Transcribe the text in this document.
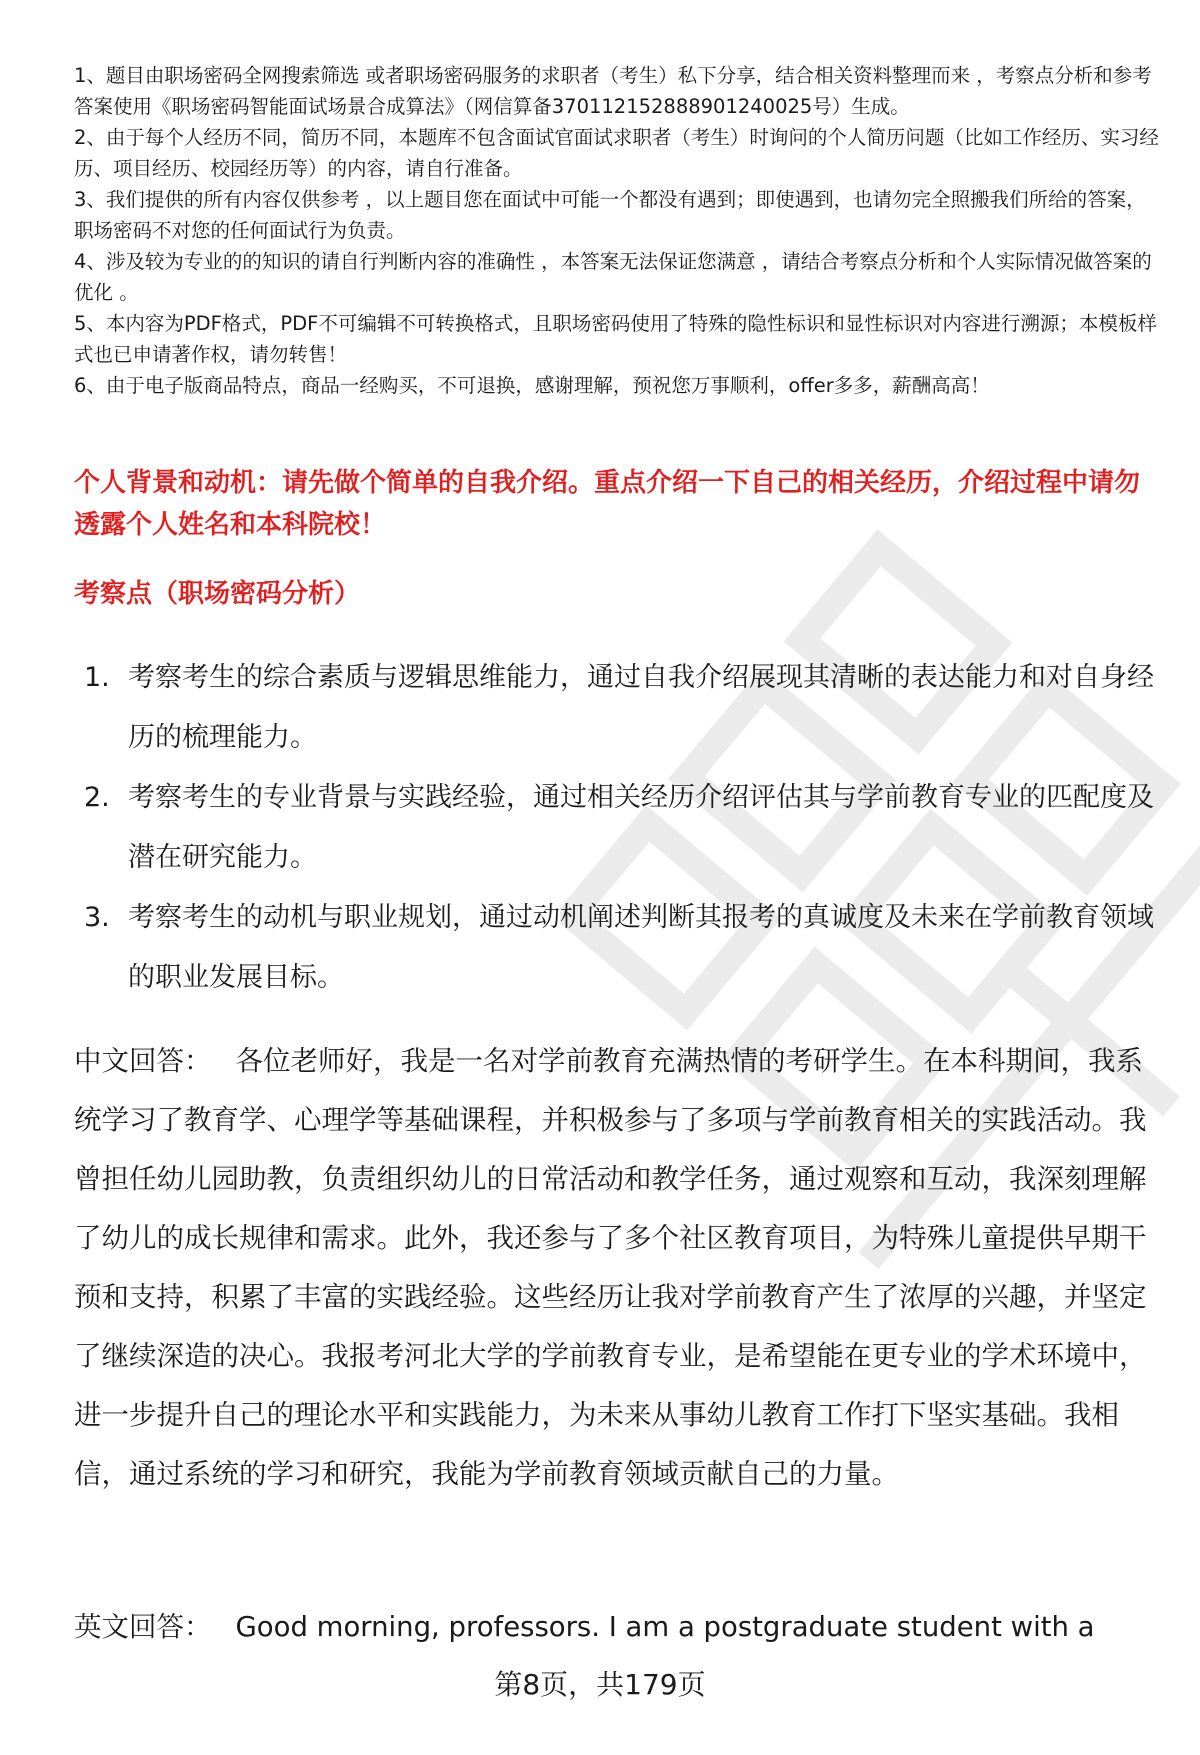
1、题目由职场密码全网搜索筛选 或者职场密码服务的求职者（考生）私下分享，结合相关资料整理而来 ，考察点分析和参考答案使用《职场密码智能面试场景合成算法》（网信算备370112152888901240025号）生成。

2、由于每个人经历不同，简历不同，本题库不包含面试官面试求职者（考生）时询问的个人简历问题（比如工作经历、实习经历、项目经历、校园经历等）的内容，请自行准备。

3、我们提供的所有内容仅供参考 ，以上题目您在面试中可能一个都没有遇到；即使遇到，也请勿完全照搬我们所给的答案，职场密码不对您的任何面试行为负责。

4、涉及较为专业的的知识的请自行判断内容的准确性 ，本答案无法保证您满意 ，请结合考察点分析和个人实际情况做答案的优化 。

5、本内容为PDF格式，PDF不可编辑不可转换格式，且职场密码使用了特殊的隐性标识和显性标识对内容进行溯源；本模板样式也已申请著作权，请勿转售！

6、由于电子版商品特点，商品一经购买，不可退换，感谢理解，预祝您万事顺利，offer多多，薪酬高高！

个人背景和动机：请先做个简单的自我介绍。重点介绍一下自己的相关经历，介绍过程中请勿透露个人姓名和本科院校！
考察点（职场密码分析）
1. 考察考生的综合素质与逻辑思维能力，通过自我介绍展现其清晰的表达能力和对自身经历的梳理能力。
2. 考察考生的专业背景与实践经验，通过相关经历介绍评估其与学前教育专业的匹配度及潜在研究能力。
3. 考察考生的动机与职业规划，通过动机阐述判断其报考的真诚度及未来在学前教育领域的职业发展目标。

中文回答： 各位老师好，我是一名对学前教育充满热情的考研学生。在本科期间，我系统学习了教育学、心理学等基础课程，并积极参与了多项与学前教育相关的实践活动。我曾担任幼儿园助教，负责组织幼儿的日常活动和教学任务，通过观察和互动，我深刻理解了幼儿的成长规律和需求。此外，我还参与了多个社区教育项目，为特殊儿童提供早期干预和支持，积累了丰富的实践经验。这些经历让我对学前教育产生了浓厚的兴趣，并坚定了继续深造的决心。我报考河北大学的学前教育专业，是希望能在更专业的学术环境中，进一步提升自己的理论水平和实践能力，为未来从事幼儿教育工作打下坚实基础。我相信，通过系统的学习和研究，我能为学前教育领域贡献自己的力量。

英文回答： Good morning, professors. I am a postgraduate student with a

第8页，共179页
